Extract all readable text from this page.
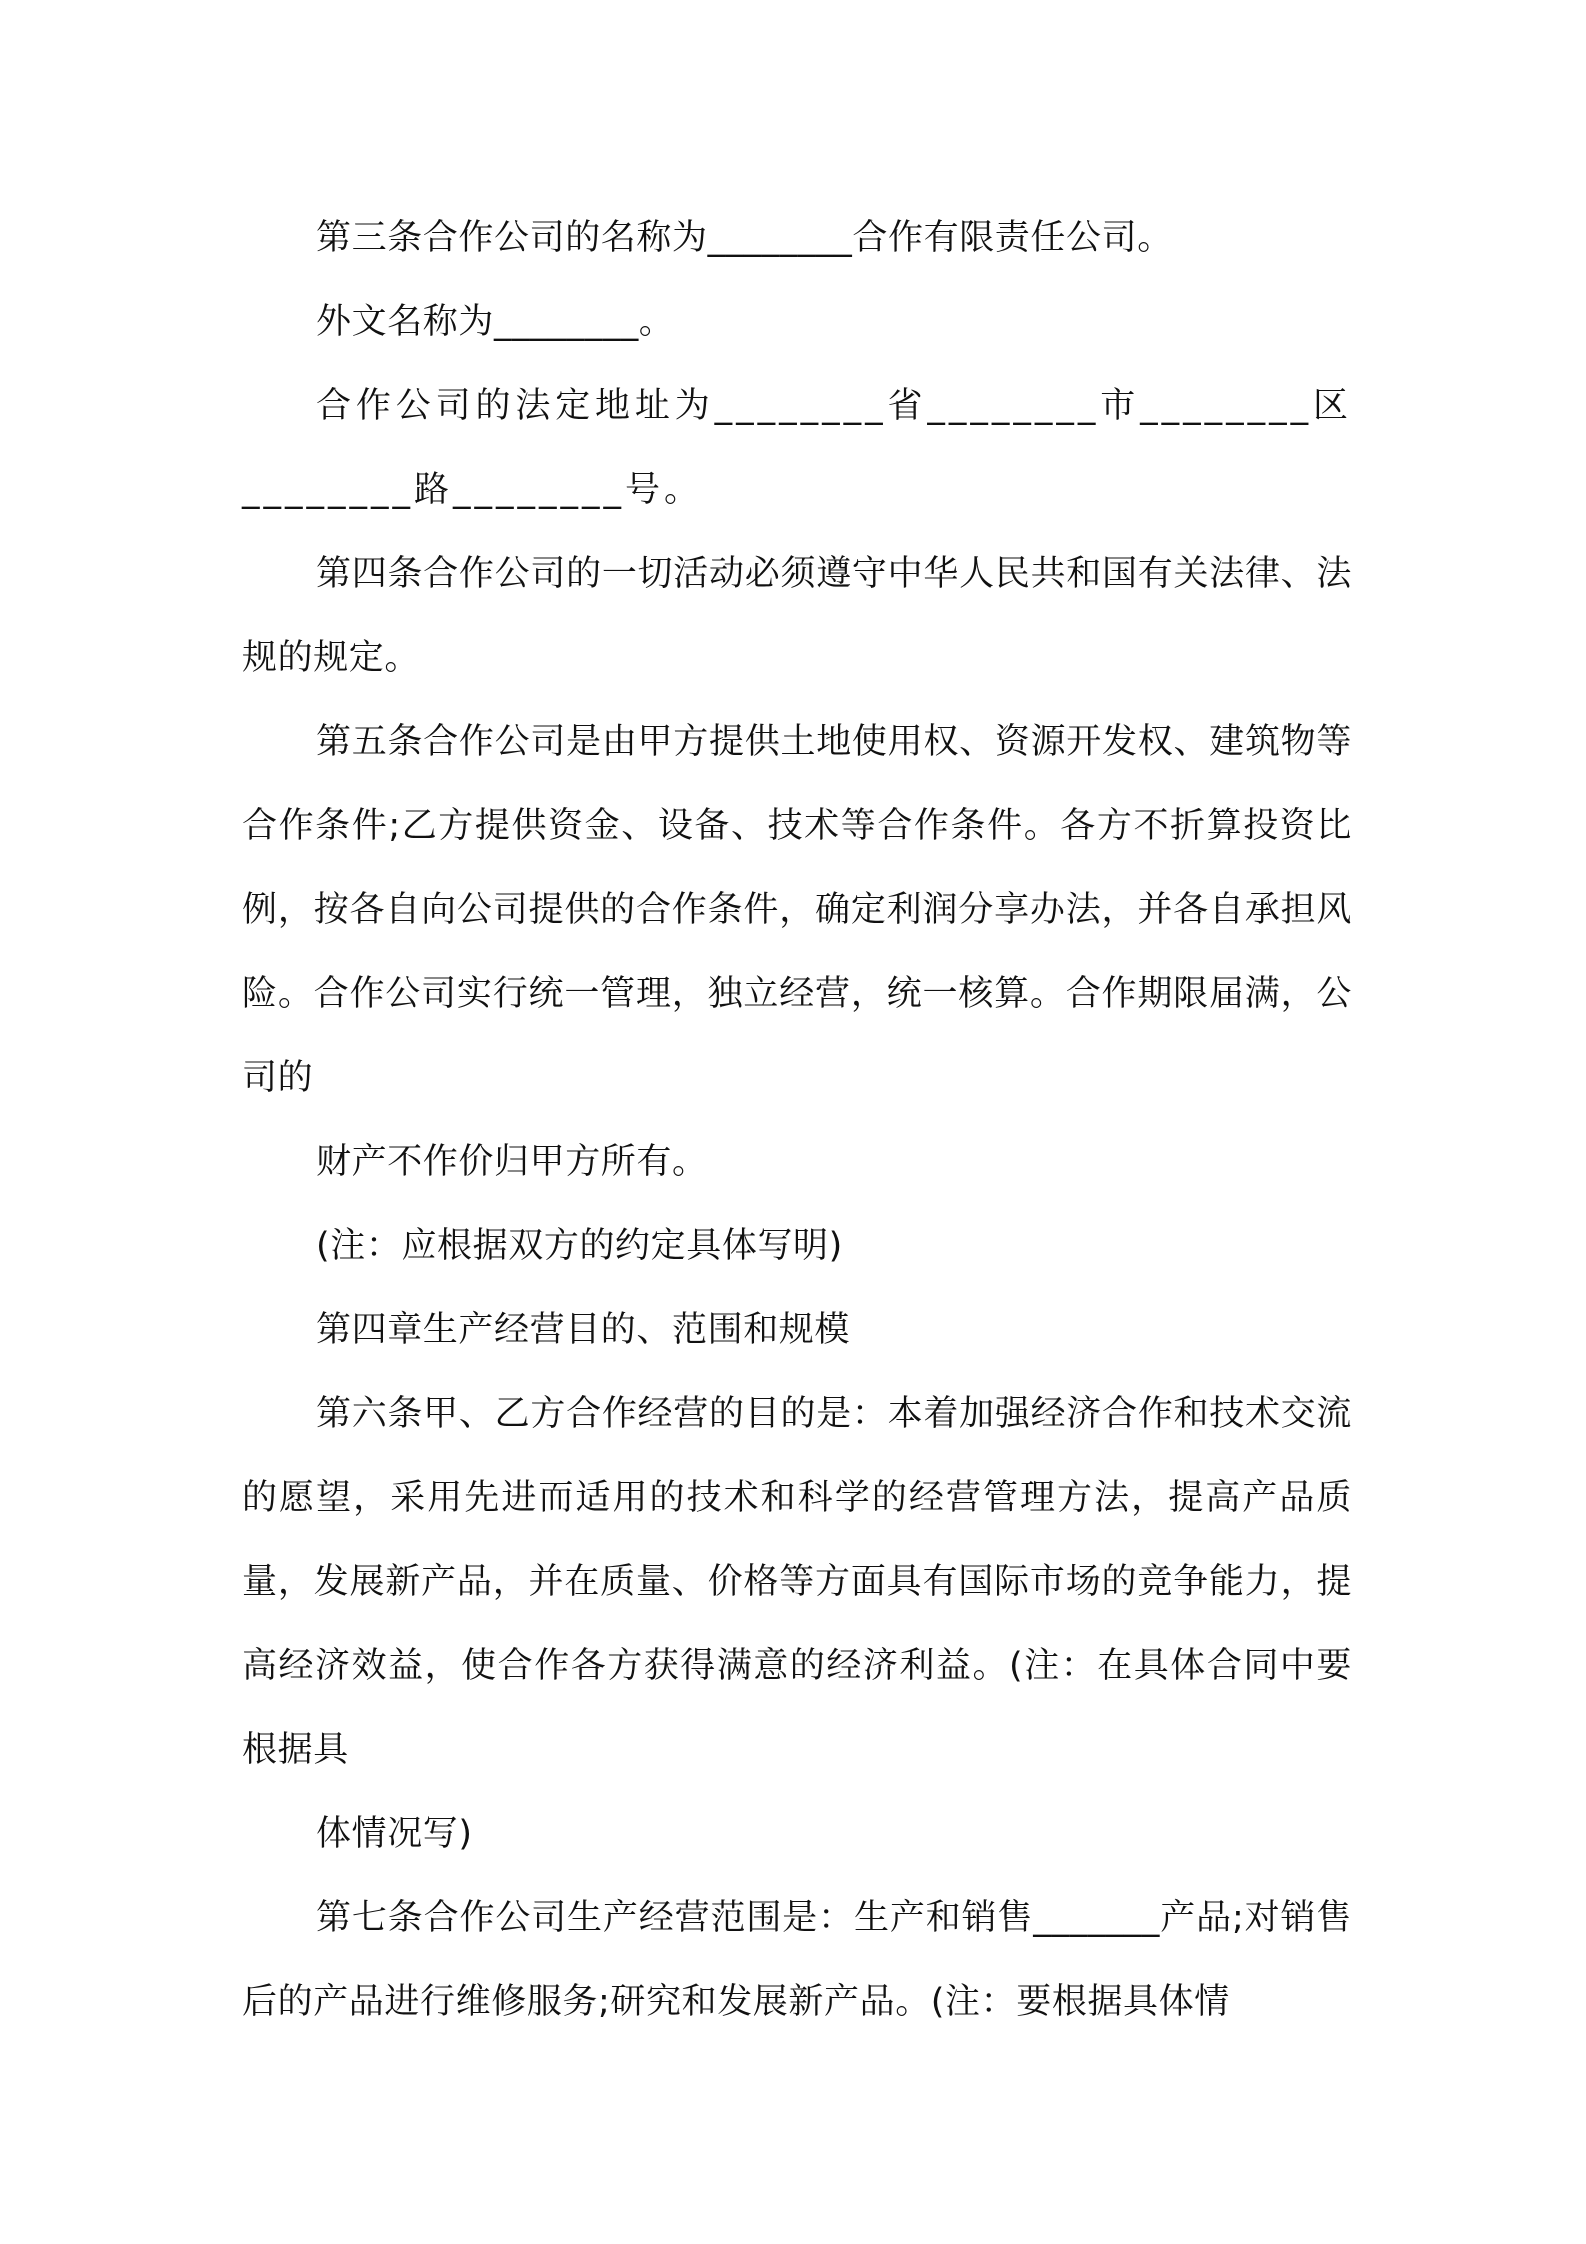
第三条合作公司的名称为________合作有限责任公司。

外文名称为________。

合作公司的法定地址为________省________市________区________路________号。

第四条合作公司的一切活动必须遵守中华人民共和国有关法律、法规的规定。

第五条合作公司是由甲方提供土地使用权、资源开发权、建筑物等合作条件;乙方提供资金、设备、技术等合作条件。各方不折算投资比例，按各自向公司提供的合作条件，确定利润分享办法，并各自承担风险。合作公司实行统一管理，独立经营，统一核算。合作期限届满，公司的

财产不作价归甲方所有。

(注：应根据双方的约定具体写明)

第四章生产经营目的、范围和规模

第六条甲、乙方合作经营的目的是：本着加强经济合作和技术交流的愿望，采用先进而适用的技术和科学的经营管理方法，提高产品质量，发展新产品，并在质量、价格等方面具有国际市场的竞争能力，提高经济效益，使合作各方获得满意的经济利益。(注：在具体合同中要根据具

体情况写)

第七条合作公司生产经营范围是：生产和销售_______产品;对销售后的产品进行维修服务;研究和发展新产品。(注：要根据具体情
